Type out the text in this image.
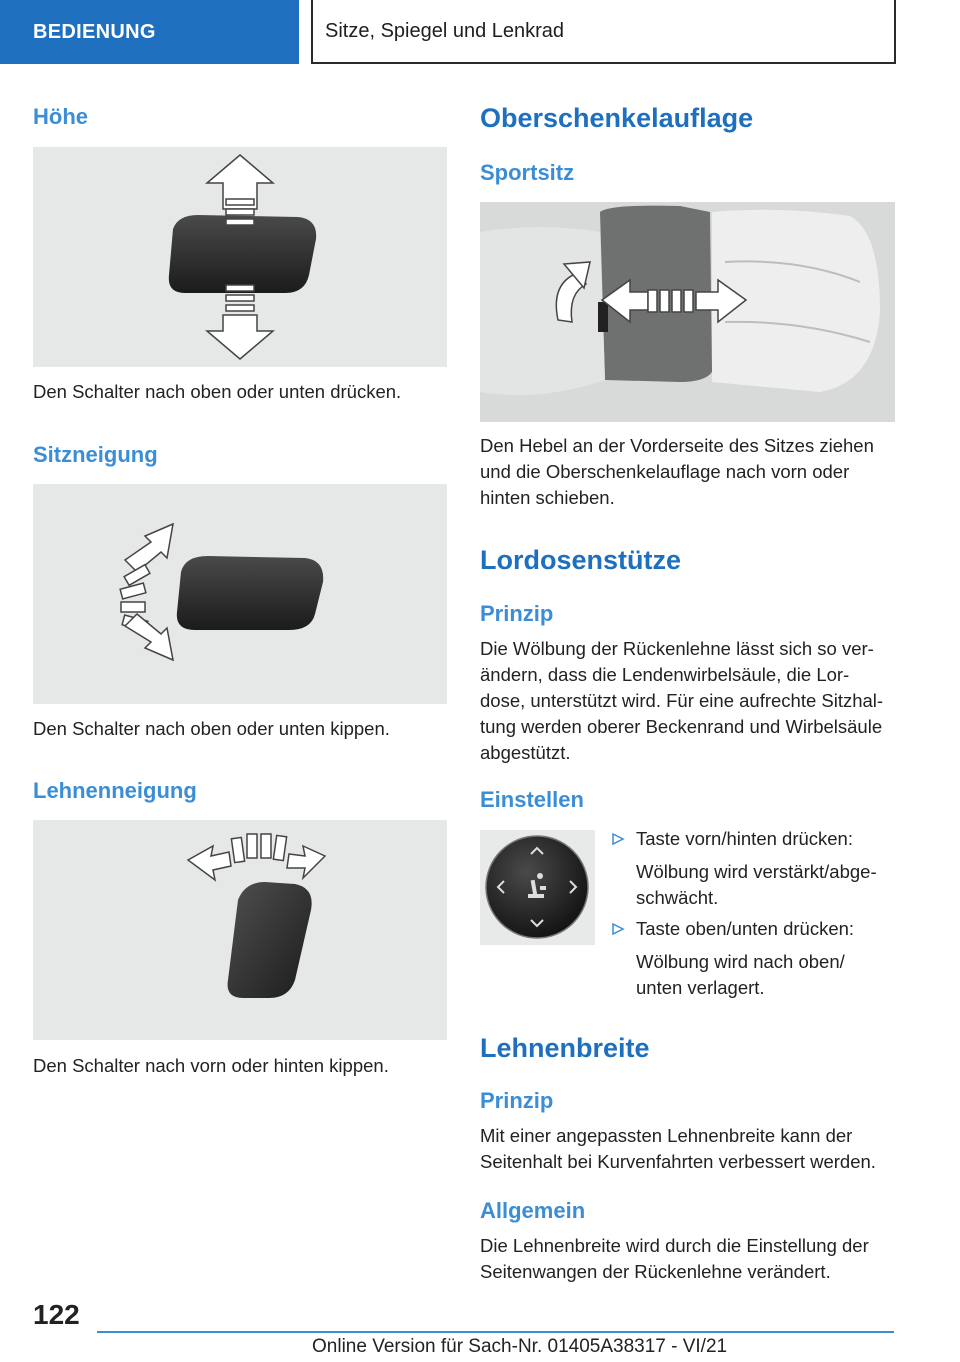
BEDIENUNG	Sitze, Spiegel und Lenkrad
Höhe
Den Schalter nach oben oder unten drücken.
Sitzneigung
Den Schalter nach oben oder unten kippen.
Lehnenneigung
Den Schalter nach vorn oder hinten kippen.
Oberschenkelauflage
Sportsitz
Den Hebel an der Vorderseite des Sitzes ziehen
und die Oberschenkelauflage nach vorn oder
hinten schieben.
Lordosenstütze
Prinzip
Die Wölbung der Rückenlehne lässt sich so ver-
ändern, dass die Lendenwirbelsäule, die Lor-
dose, unterstützt wird. Für eine aufrechte Sitzhal-
tung werden oberer Beckenrand und Wirbelsäule
abgestützt.
Einstellen
Taste vorn/hinten drücken:
Wölbung wird verstärkt/abge-
schwächt.
Taste oben/unten drücken:
Wölbung wird nach oben/
unten verlagert.
Lehnenbreite
Prinzip
Mit einer angepassten Lehnenbreite kann der
Seitenhalt bei Kurvenfahrten verbessert werden.
Allgemein
Die Lehnenbreite wird durch die Einstellung der
Seitenwangen der Rückenlehne verändert.
122
Online Version für Sach-Nr. 01405A38317 - VI/21
